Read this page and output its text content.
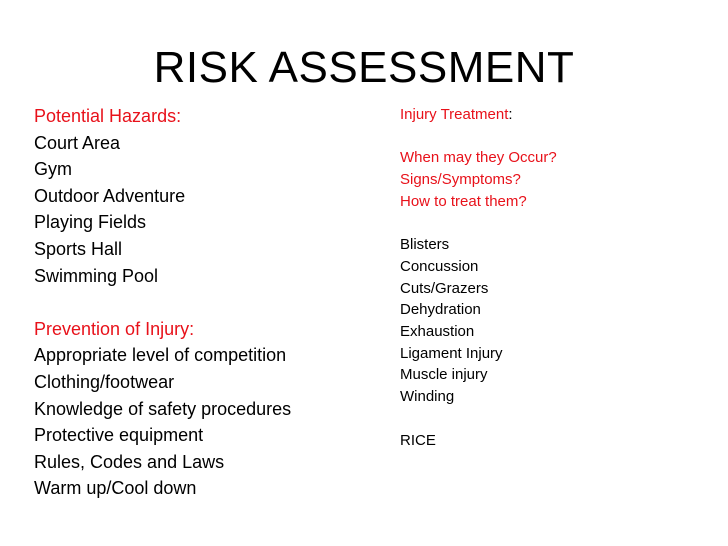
RISK ASSESSMENT
Potential Hazards:
Court Area
Gym
Outdoor Adventure
Playing Fields
Sports Hall
Swimming Pool
Prevention of Injury:
Appropriate level of competition
Clothing/footwear
Knowledge of safety procedures
Protective equipment
Rules, Codes and Laws
Warm up/Cool down
Injury Treatment:
When may they Occur?
Signs/Symptoms?
How to treat them?
Blisters
Concussion
Cuts/Grazers
Dehydration
Exhaustion
Ligament Injury
Muscle injury
Winding
RICE
